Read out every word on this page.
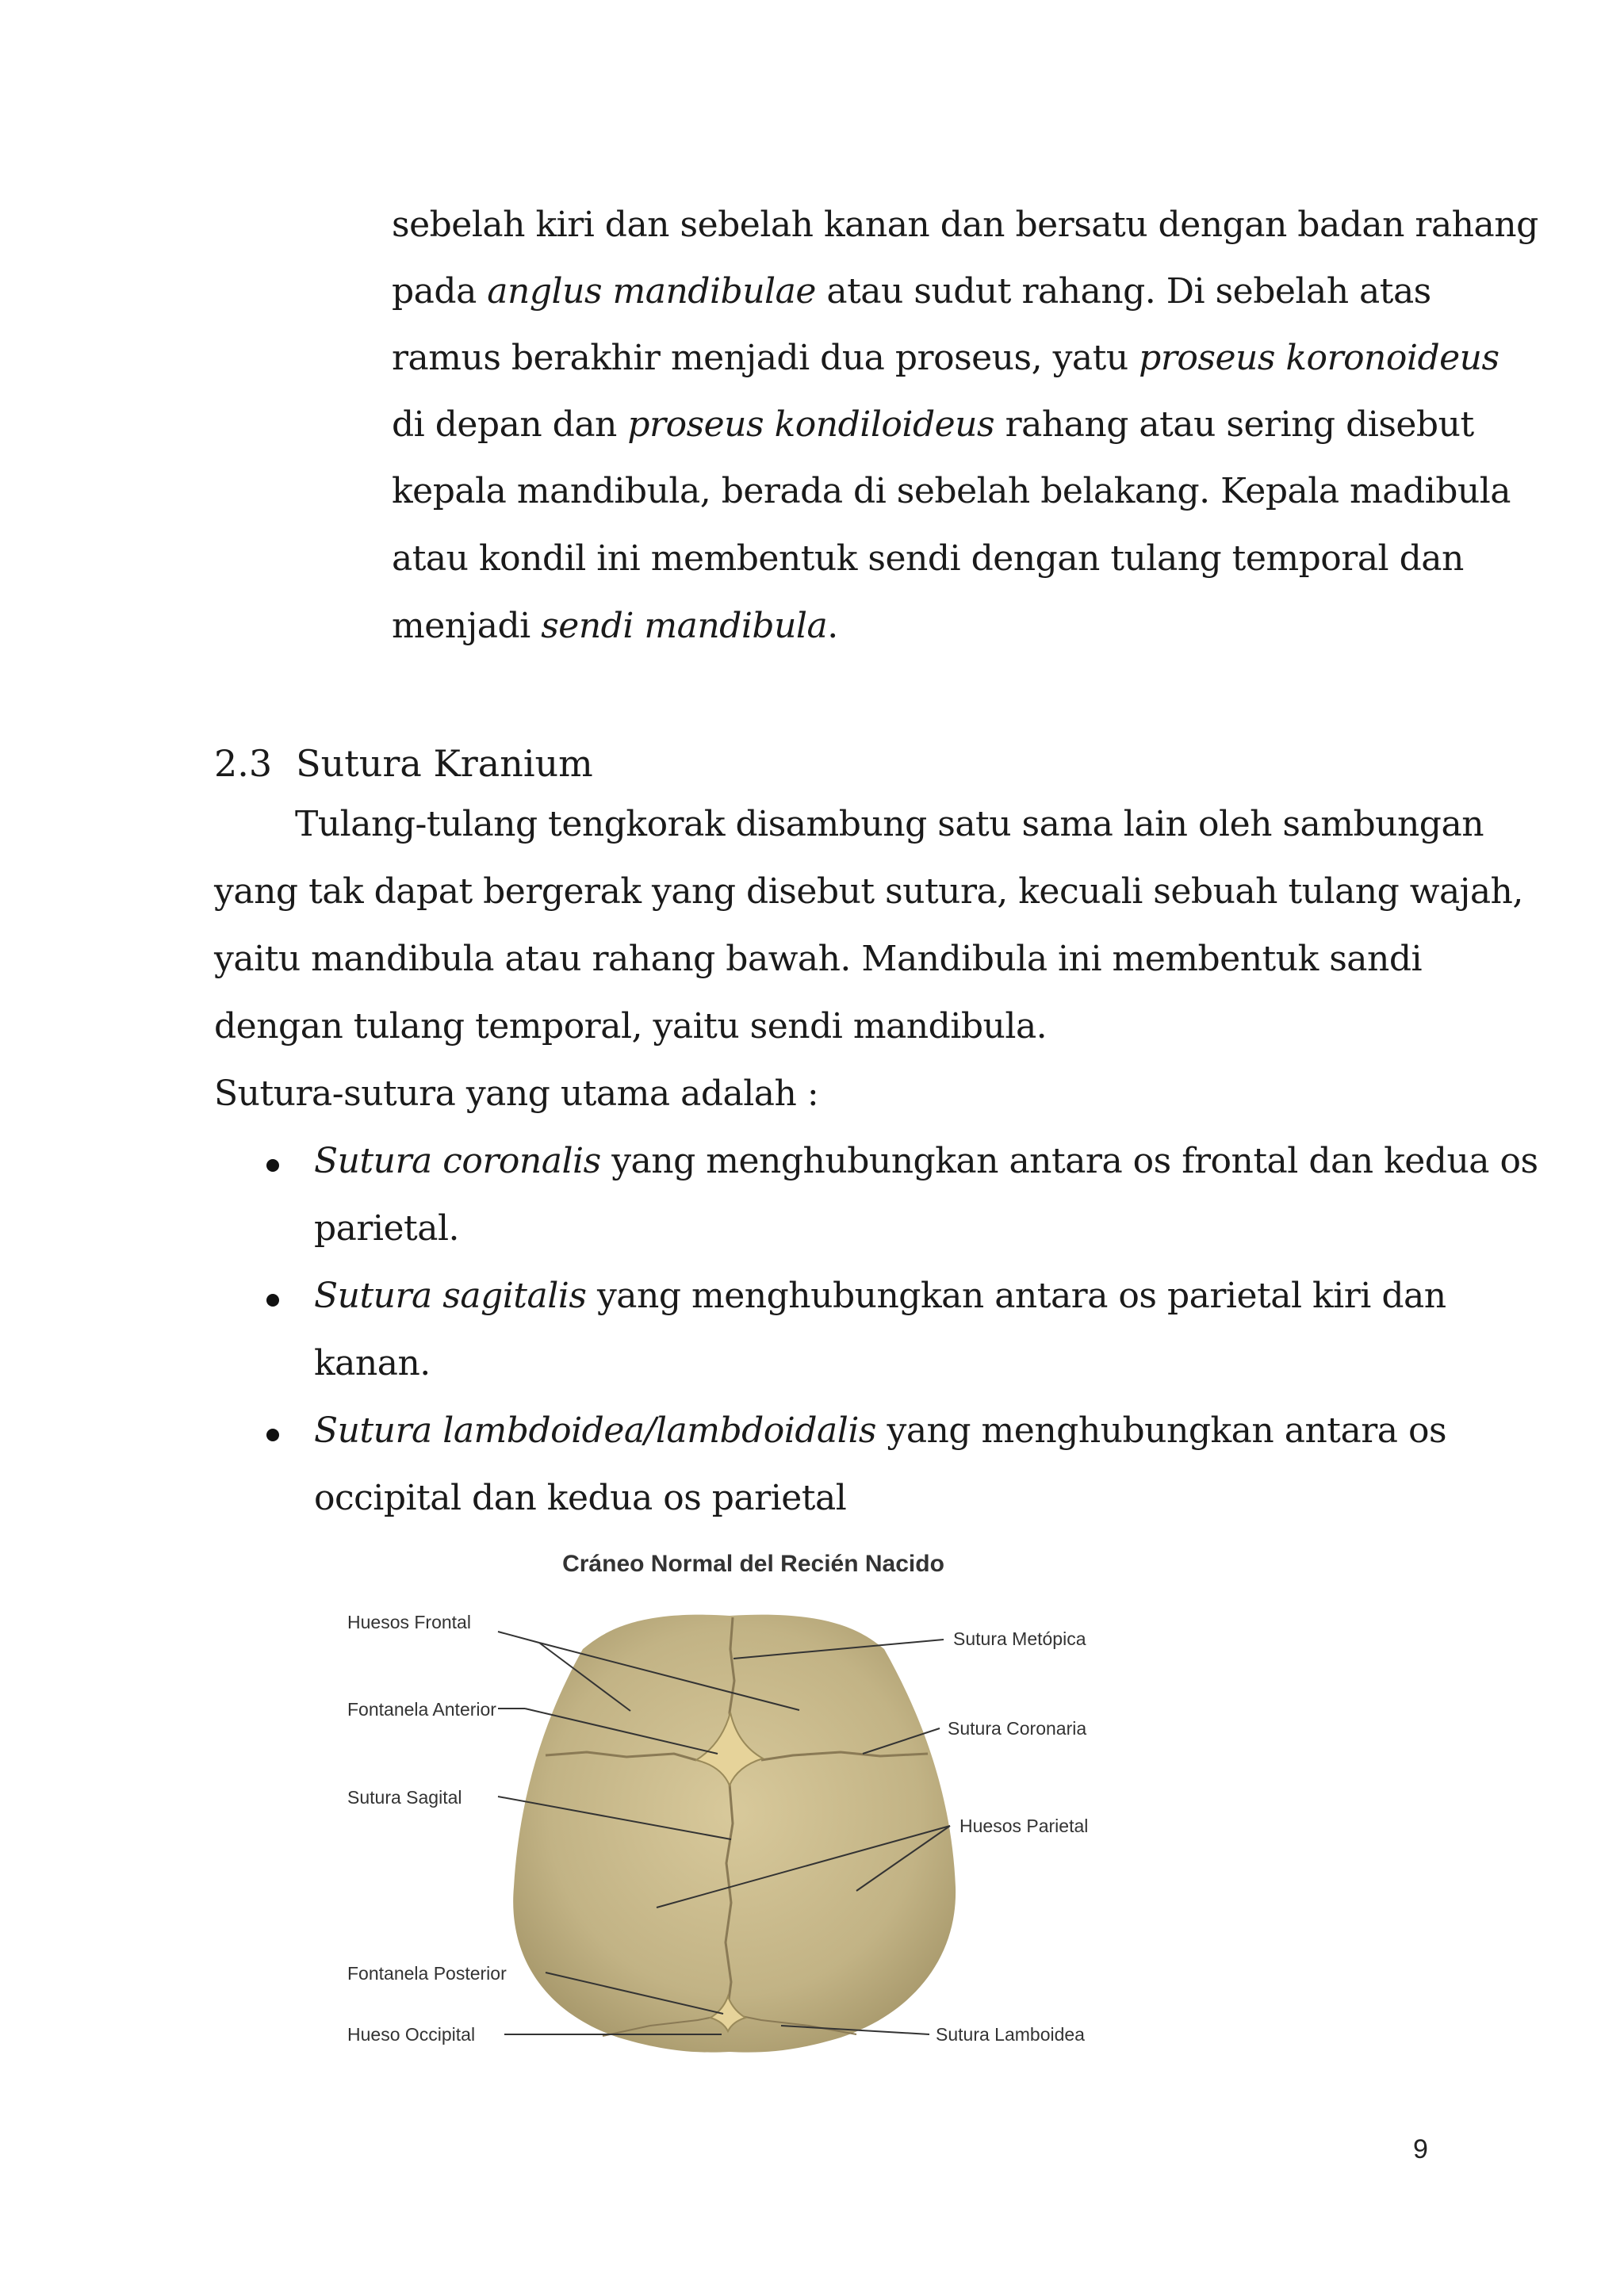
sebelah kiri dan sebelah kanan dan bersatu dengan badan rahang
pada anglus mandibulae atau sudut rahang. Di sebelah atas
ramus berakhir menjadi dua proseus, yatu proseus koronoideus
di depan dan proseus kondiloideus rahang atau sering disebut
kepala mandibula, berada di sebelah belakang. Kepala madibula
atau kondil ini membentuk sendi dengan tulang temporal dan
menjadi sendi mandibula.
2.3 Sutura Kranium
Tulang-tulang tengkorak disambung satu sama lain oleh sambungan
yang tak dapat bergerak yang disebut sutura, kecuali sebuah tulang wajah,
yaitu mandibula atau rahang bawah. Mandibula ini membentuk sandi
dengan tulang temporal, yaitu sendi mandibula.
Sutura-sutura yang utama adalah :
Sutura coronalis yang menghubungkan antara os frontal dan kedua os
parietal.
Sutura sagitalis yang menghubungkan antara os parietal kiri dan
kanan.
Sutura lambdoidea/lambdoidalis yang menghubungkan antara os
occipital dan kedua os parietal
Cráneo Normal del Recién Nacido
Huesos Frontal
Fontanela Anterior
Sutura Sagital
Fontanela Posterior
Hueso Occipital
Sutura Metópica
Sutura Coronaria
Huesos Parietal
Sutura Lamboidea
9
